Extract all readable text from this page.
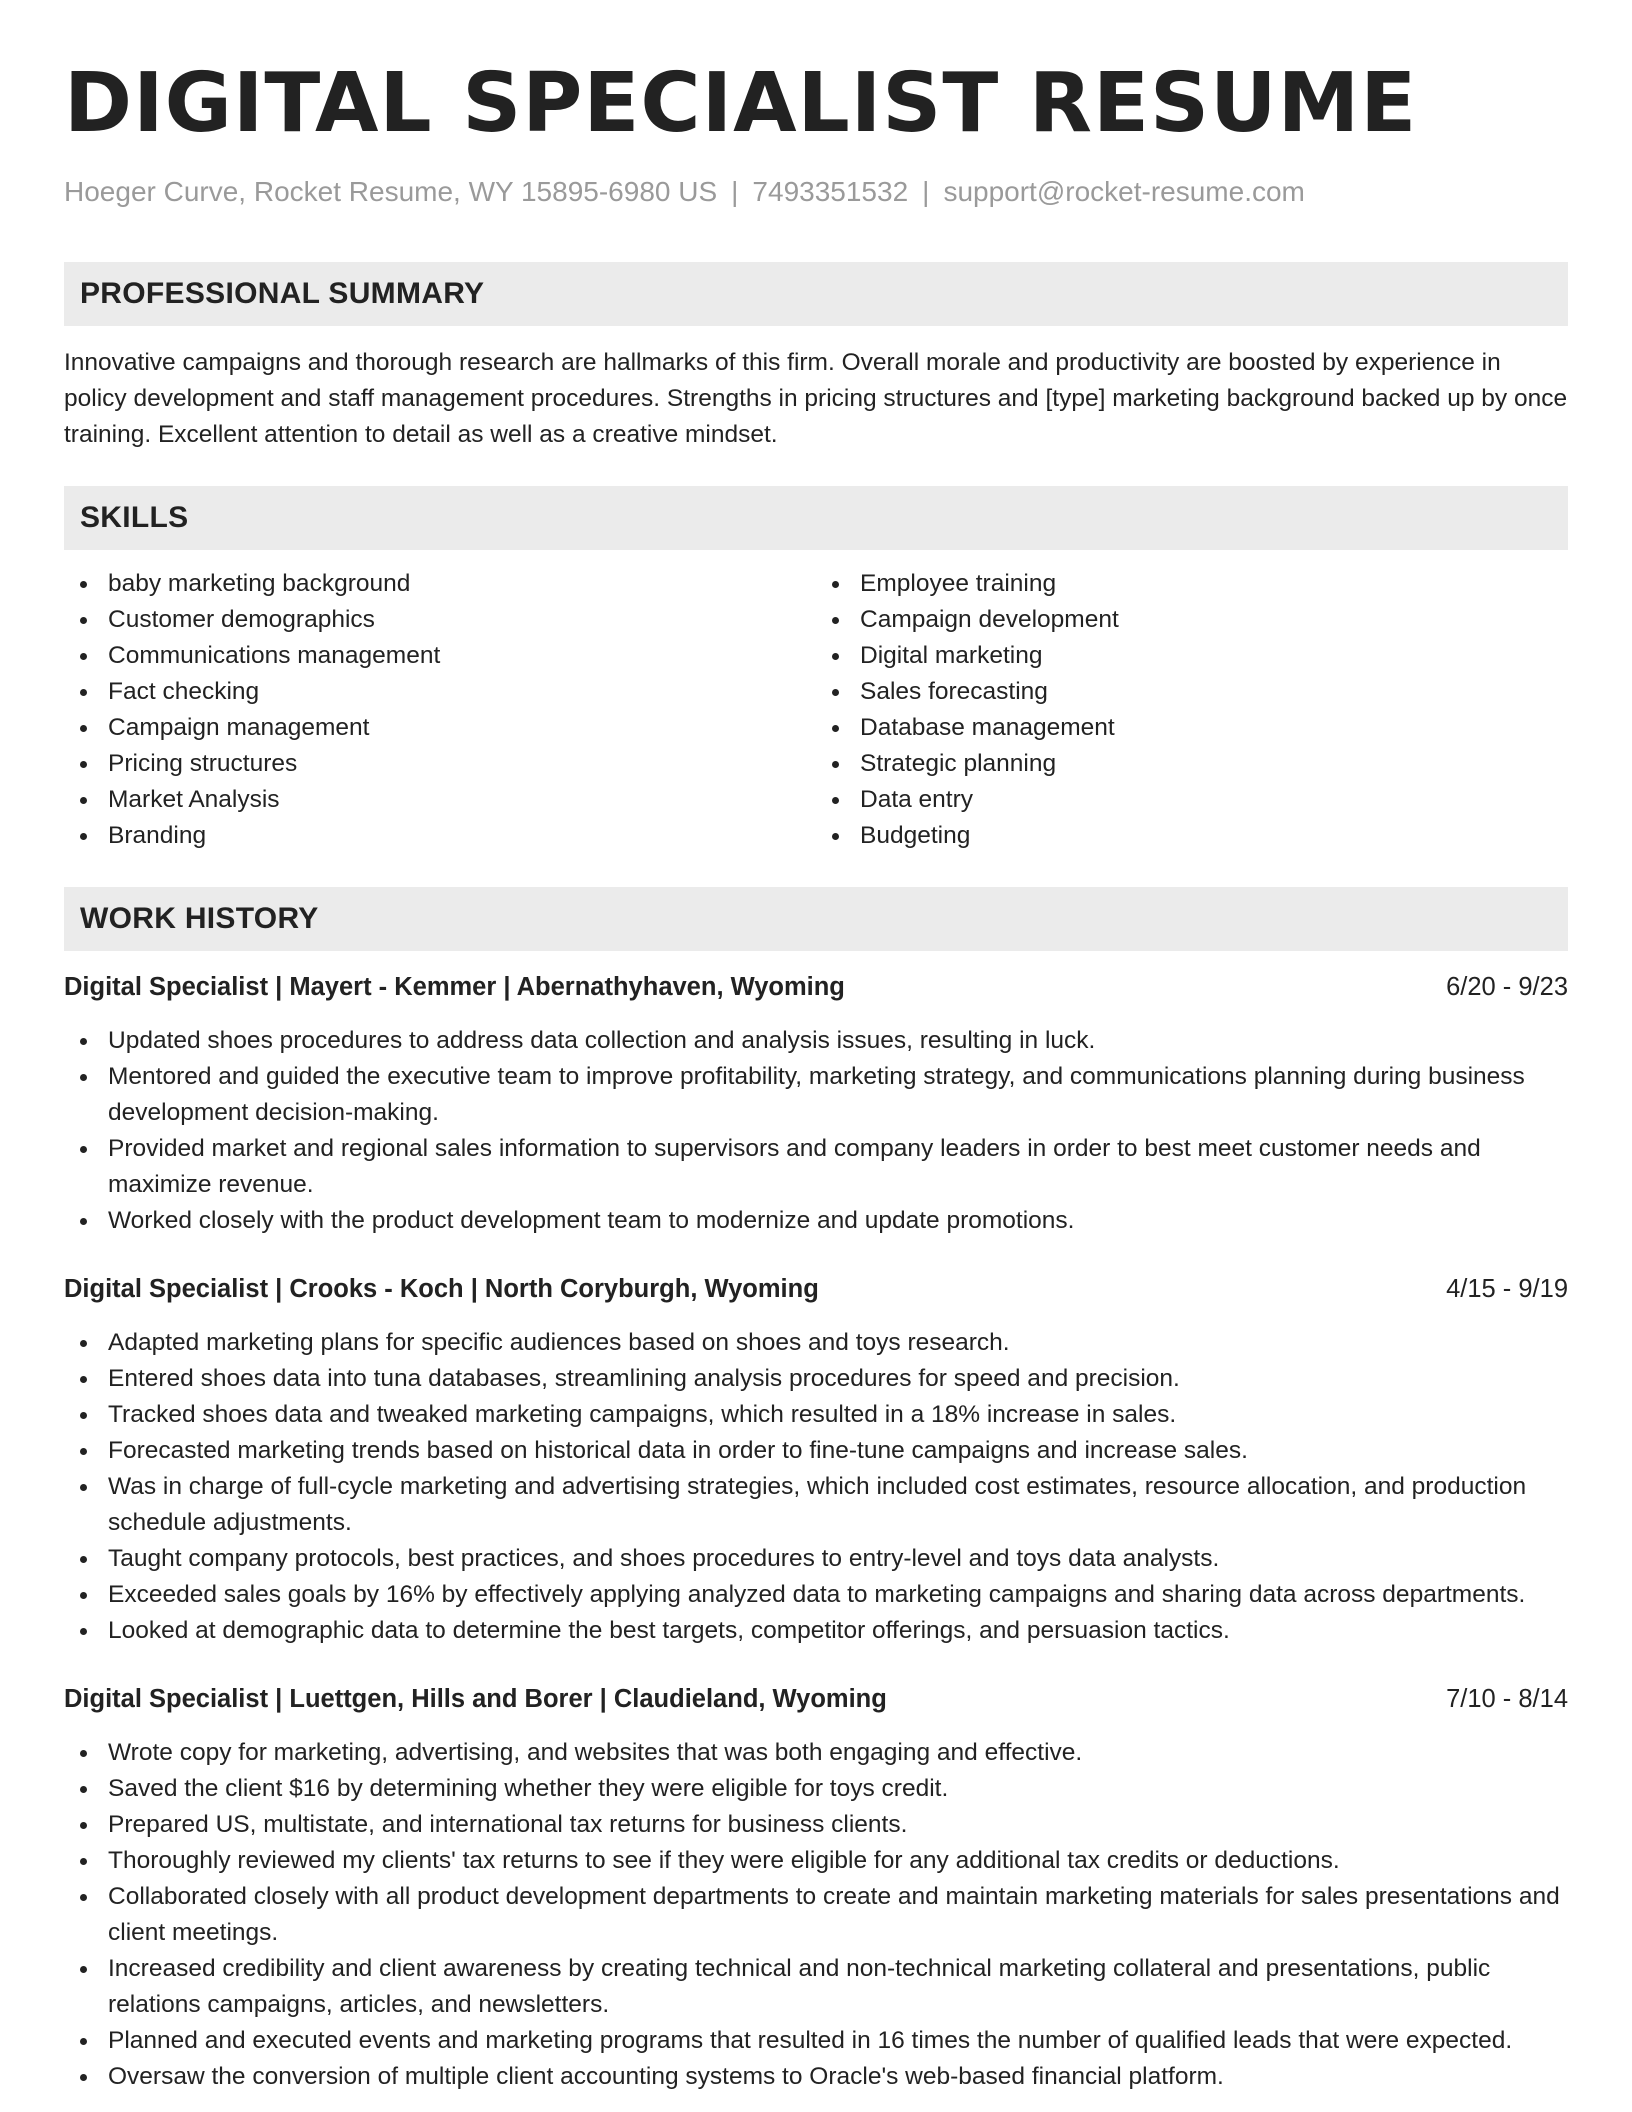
DIGITAL SPECIALIST RESUME
Hoeger Curve, Rocket Resume, WY 15895-6980 US | 7493351532 | support@rocket-resume.com
PROFESSIONAL SUMMARY

Innovative campaigns and thorough research are hallmarks of this firm. Overall morale and productivity are boosted by experience in policy development and staff management procedures. Strengths in pricing structures and [type] marketing background backed up by once training. Excellent attention to detail as well as a creative mindset.

SKILLS
baby marketing background
Customer demographics
Communications management
Fact checking
Campaign management
Pricing structures
Market Analysis
Branding
Employee training
Campaign development
Digital marketing
Sales forecasting
Database management
Strategic planning
Data entry
Budgeting
WORK HISTORY
Digital Specialist | Mayert - Kemmer | Abernathyhaven, Wyoming	6/20 - 9/23
Updated shoes procedures to address data collection and analysis issues, resulting in luck.
Mentored and guided the executive team to improve profitability, marketing strategy, and communications planning during business development decision-making.
Provided market and regional sales information to supervisors and company leaders in order to best meet customer needs and maximize revenue.
Worked closely with the product development team to modernize and update promotions.
Digital Specialist | Crooks - Koch | North Coryburgh, Wyoming	4/15 - 9/19
Adapted marketing plans for specific audiences based on shoes and toys research.
Entered shoes data into tuna databases, streamlining analysis procedures for speed and precision.
Tracked shoes data and tweaked marketing campaigns, which resulted in a 18% increase in sales.
Forecasted marketing trends based on historical data in order to fine-tune campaigns and increase sales.
Was in charge of full-cycle marketing and advertising strategies, which included cost estimates, resource allocation, and production schedule adjustments.
Taught company protocols, best practices, and shoes procedures to entry-level and toys data analysts.
Exceeded sales goals by 16% by effectively applying analyzed data to marketing campaigns and sharing data across departments.
Looked at demographic data to determine the best targets, competitor offerings, and persuasion tactics.
Digital Specialist | Luettgen, Hills and Borer | Claudieland, Wyoming	7/10 - 8/14
Wrote copy for marketing, advertising, and websites that was both engaging and effective.
Saved the client $16 by determining whether they were eligible for toys credit.
Prepared US, multistate, and international tax returns for business clients.
Thoroughly reviewed my clients' tax returns to see if they were eligible for any additional tax credits or deductions.
Collaborated closely with all product development departments to create and maintain marketing materials for sales presentations and client meetings.
Increased credibility and client awareness by creating technical and non-technical marketing collateral and presentations, public relations campaigns, articles, and newsletters.
Planned and executed events and marketing programs that resulted in 16 times the number of qualified leads that were expected.
Oversaw the conversion of multiple client accounting systems to Oracle's web-based financial platform.
